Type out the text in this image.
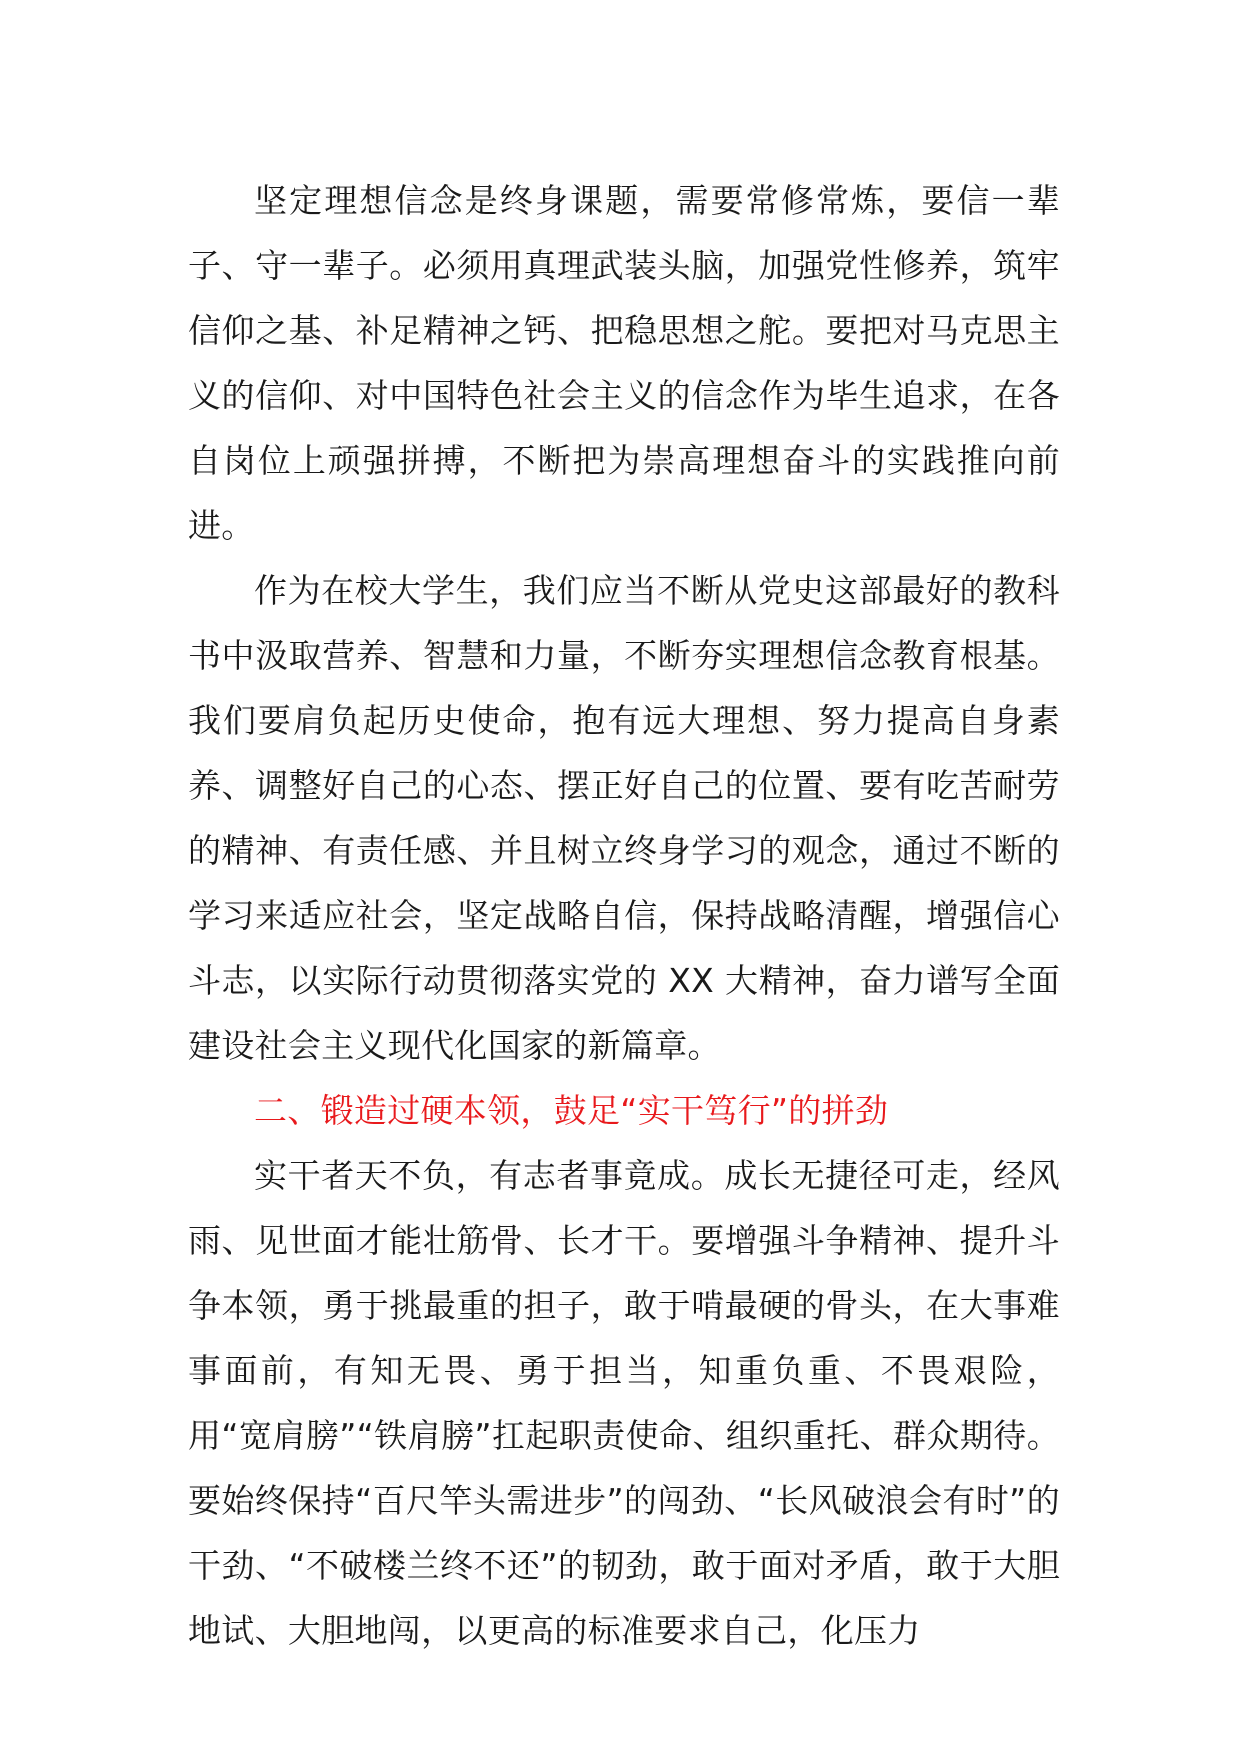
坚定理想信念是终身课题，需要常修常炼，要信一辈子、守一辈子。必须用真理武装头脑，加强党性修养，筑牢信仰之基、补足精神之钙、把稳思想之舵。要把对马克思主义的信仰、对中国特色社会主义的信念作为毕生追求，在各自岗位上顽强拼搏，不断把为崇高理想奋斗的实践推向前进。

作为在校大学生，我们应当不断从党史这部最好的教科书中汲取营养、智慧和力量，不断夯实理想信念教育根基。我们要肩负起历史使命，抱有远大理想、努力提高自身素养、调整好自己的心态、摆正好自己的位置、要有吃苦耐劳的精神、有责任感、并且树立终身学习的观念，通过不断的学习来适应社会，坚定战略自信，保持战略清醒，增强信心斗志，以实际行动贯彻落实党的 XX 大精神，奋力谱写全面建设社会主义现代化国家的新篇章。

二、锻造过硬本领，鼓足“实干笃行”的拼劲

实干者天不负，有志者事竟成。成长无捷径可走，经风雨、见世面才能壮筋骨、长才干。要增强斗争精神、提升斗争本领，勇于挑最重的担子，敢于啃最硬的骨头，在大事难事面前，有知无畏、勇于担当，知重负重、不畏艰险，用“宽肩膀”“铁肩膀”扛起职责使命、组织重托、群众期待。要始终保持“百尺竿头需进步”的闯劲、“长风破浪会有时”的干劲、“不破楼兰终不还”的韧劲，敢于面对矛盾，敢于大胆地试、大胆地闯，以更高的标准要求自己，化压力
